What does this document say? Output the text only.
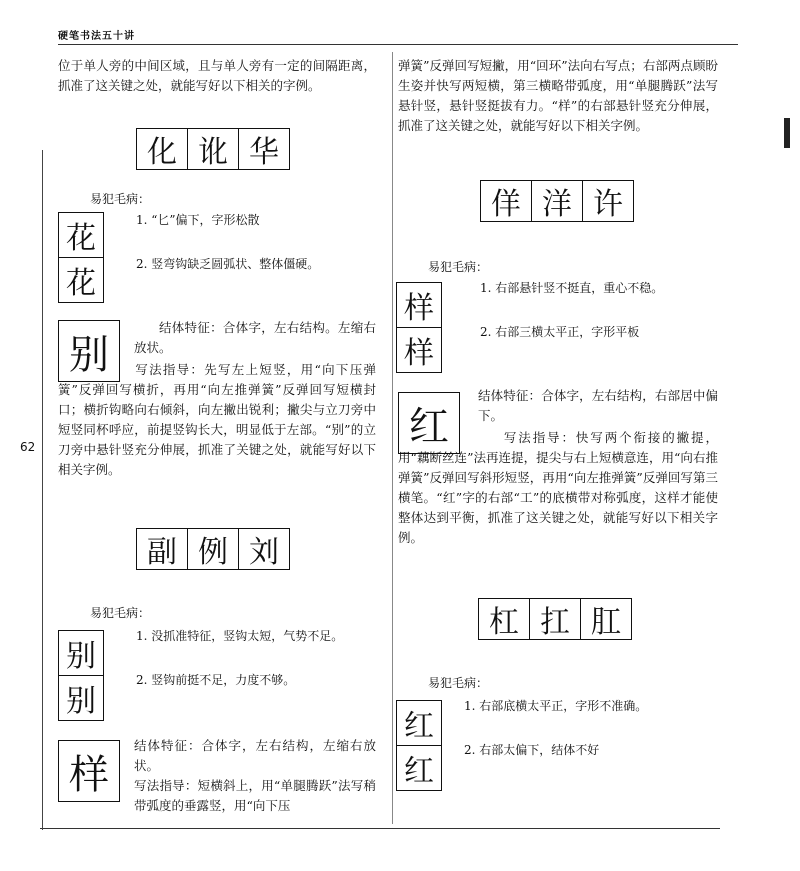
硬笔书法五十讲
62

位于单人旁的中间区域，且与单人旁有一定的间隔距离，抓准了这关键之处，就能写好以下相关的字例。

化 讹 华
易犯毛病：
花
花

1. “匕”偏下，字形松散

2. 竖弯钩缺乏圆弧状、整体僵硬。

别

结体特征：合体字，左右结构。左缩右放状。

写法指导：先写左上短竖，用“向下压弹簧”反弹回写横折，再用“向左推弹簧”反弹回写短横封口；横折钩略向右倾斜，向左撇出锐利；撇尖与立刀旁中短竖同杯呼应，前提竖钩长大，明显低于左部。“别”的立刀旁中悬针竖充分伸展，抓准了关键之处，就能写好以下相关字例。

副 例 刘
易犯毛病：
别
别

1. 没抓准特征，竖钩太短，气势不足。

2. 竖钩前挺不足，力度不够。

样

结体特征：合体字，左右结构，左缩右放状。

写法指导：短横斜上，用“单腿腾跃”法写稍带弧度的垂露竖，用“向下压

弹簧”反弹回写短撇，用“回环”法向右写点；右部两点顾盼生姿并快写两短横，第三横略带弧度，用“单腿腾跃”法写悬针竖，悬针竖挺拔有力。“样”的右部悬针竖充分伸展，抓准了这关键之处，就能写好以下相关字例。

佯 洋 许
易犯毛病：
样
样

1. 右部悬针竖不挺直，重心不稳。

2. 右部三横太平正，字形平板

红

结体特征：合体字，左右结构，右部居中偏下。

写法指导：快写两个衔接的撇提，用“藕断丝连”法再连提，提尖与右上短横意连，用“向右推弹簧”反弹回写斜形短竖，再用“向左推弹簧”反弹回写第三横笔。“红”字的右部“工”的底横带对称弧度，这样才能使整体达到平衡，抓准了这关键之处，就能写好以下相关字例。

杠 扛 肛
易犯毛病：
红
红

1. 右部底横太平正，字形不准确。

2. 右部太偏下，结体不好
